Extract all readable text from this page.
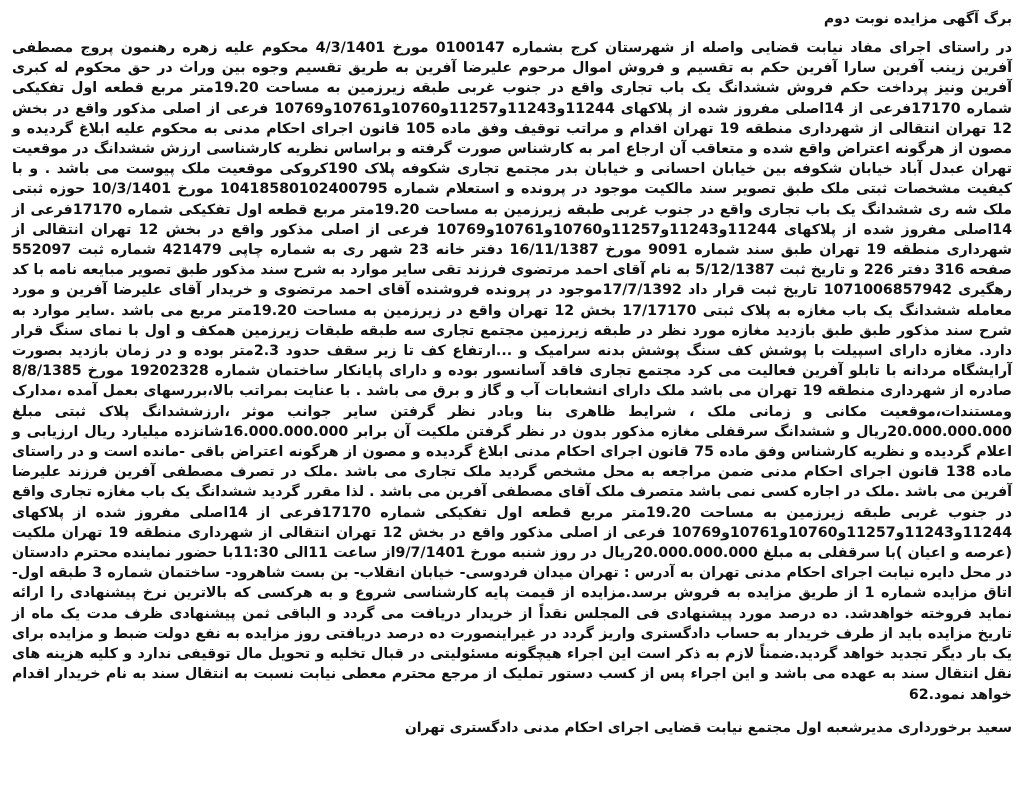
برگ آگهی مزایده نوبت دوم

در راستای اجرای مفاد نیابت قضایی واصله از شهرستان کرج بشماره 0100147 مورخ 4/3/1401 محکوم علیه زهره رهنمون پروج مصطفی آفرین زینب آفرین سارا آفرین حکم به تقسیم و فروش اموال مرحوم علیرضا آفرین به طریق تقسیم وجوه بین وراث در حق محکوم له کبری آفرین ونیز پرداخت حکم فروش ششدانگ یک باب تجاری واقع در جنوب غربی طبقه زیرزمین به مساحت 19.20متر مربع قطعه اول تفکیکی شماره 17170فرعی از 14اصلی مفروز شده از پلاکهای 11244و11243و11257و10760و10761و10769 فرعی از اصلی مذکور واقع در بخش 12 تهران انتقالی از شهرداری منطقه 19 تهران اقدام و مراتب توقیف وفق ماده 105 قانون اجرای احکام مدنی به محکوم علیه ابلاغ گردیده و مصون از هرگونه اعتراض واقع شده و متعاقب آن ارجاع امر به کارشناس صورت گرفته و براساس نظریه کارشناسی ارزش ششدانگ در موقعیت تهران عبدل آباد خیابان شکوفه بین خیابان احسانی و خیابان بدر مجتمع تجاری شکوفه پلاک 190کروکی موقعیت ملک پیوست می باشد . و با کیفیت مشخصات ثبتی ملک طبق تصویر سند مالکیت موجود در پرونده و استعلام شماره 10418580102400795 مورخ 10/3/1401 حوزه ثبتی ملک شه ری ششدانگ یک باب تجاری واقع در جنوب غربی طبقه زیرزمین به مساحت 19.20متر مربع قطعه اول تفکیکی شماره 17170فرعی از 14اصلی مفروز شده از پلاکهای 11244و11243و11257و10760و10761و10769 فرعی از اصلی مذکور واقع در بخش 12 تهران انتقالی از شهرداری منطقه 19 تهران طبق سند شماره 9091 مورخ 16/11/1387 دفتر خانه 23 شهر ری به شماره چاپی 421479 شماره ثبت 552097 صفحه 316 دفتر 226 و تاریخ ثبت 5/12/1387 به نام آقای احمد مرتضوی فرزند تقی سایر موارد به شرح سند مذکور طبق تصویر مبایعه نامه با کد رهگیری 1071006857942 تاریخ ثبت قرار داد 17/7/1392موجود در پرونده فروشنده آقای احمد مرتضوی و خریدار آقای علیرضا آفرین و مورد معامله ششدانگ یک باب مغازه به پلاک ثبتی 17/17170 بخش 12 تهران واقع در زیرزمین به مساحت 19.20متر مربع می باشد .سایر موارد به شرح سند مذکور طبق طبق بازدید مغازه مورد نظر در طبقه زیرزمین مجتمع تجاری سه طبقه طبقات زیرزمین همکف و اول با نمای سنگ قرار دارد. مغازه دارای اسپیلت با پوشش کف سنگ پوشش بدنه سرامیک و ...ارتفاع کف تا زیر سقف حدود 2.3متر بوده و در زمان بازدید بصورت آرایشگاه مردانه با تابلو آفرین فعالیت می کرد مجتمع تجاری فاقد آسانسور بوده و دارای پایانکار ساختمان شماره 19202328 مورخ 8/8/1385 صادره از شهرداری منطقه 19 تهران می باشد ملک دارای انشعابات آب و گاز و برق می باشد . با عنایت بمراتب بالا،بررسهای بعمل آمده ،مدارک ومستندات،موقعیت مکانی و زمانی ملک ، شرایط ظاهری بنا وبادر نظر گرفتن سایر جوانب موثر ،ارزششدانگ پلاک ثبتی مبلغ 20.000.000.000ریال و ششدانگ سرقفلی مغازه مذکور بدون در نظر گرفتن ملکیت آن برابر 16.000.000.000شانزده میلیارد ریال ارزیابی و اعلام گردیده و نظریه کارشناس وفق ماده 75 قانون اجرای احکام مدنی ابلاغ گردیده و مصون از هرگونه اعتراض باقی -مانده است و در راستای ماده 138 قانون اجرای احکام مدنی ضمن مراجعه به محل مشخص گردید ملک تجاری می باشد .ملک در تصرف مصطفی آفرین فرزند علیرضا آفرین می باشد .ملک در اجاره کسی نمی باشد متصرف ملک آقای مصطفی آفرین می باشد . لذا مقرر گردید ششدانگ یک باب مغازه تجاری واقع در جنوب غربی طبقه زیرزمین به مساحت 19.20متر مربع قطعه اول تفکیکی شماره 17170فرعی از 14اصلی مفروز شده از پلاکهای 11244و11243و11257و10760و10761و10769 فرعی از اصلی مذکور واقع در بخش 12 تهران انتقالی از شهرداری منطقه 19 تهران ملکیت (عرصه و اعیان )با سرقفلی به مبلغ 20.000.000.000ریال در روز شنبه مورخ 9/7/1401از ساعت 11الی 11:30با حضور نماینده محترم دادستان در محل دایره نیابت اجرای احکام مدنی تهران به آدرس : تهران میدان فردوسی- خیابان انقلاب- بن بست شاهرود- ساختمان شماره 3 طبقه اول-اتاق مزایده شماره 1 از طریق مزایده به فروش برسد.مزایده از قیمت پایه کارشناسی شروع و به هرکسی که بالاترین نرخ پیشنهادی را ارائه نماید فروخته خواهدشد. ده درصد مورد پیشنهادی فی المجلس نقداً از خریدار دریافت می گردد و الباقی ثمن پیشنهادی ظرف مدت یک ماه از تاریخ مزایده باید از طرف خریدار به حساب دادگستری واریز گردد در غیراینصورت ده درصد دریافتی روز مزایده به نفع دولت ضبط و مزایده برای یک بار دیگر تجدید خواهد گردید.ضمناً لازم به ذکر است این اجراء هیچگونه مسئولیتی در قبال تخلیه و تحویل مال توقیفی ندارد و کلیه هزینه های نقل انتقال سند به عهده می باشد و این اجراء پس از کسب دستور تملیک از مرجع محترم معطی نیابت نسبت به انتقال سند به نام خریدار اقدام خواهد نمود.62

سعید برخورداری مدیرشعبه اول مجتمع نیابت قضایی اجرای احکام مدنی دادگستری تهران
